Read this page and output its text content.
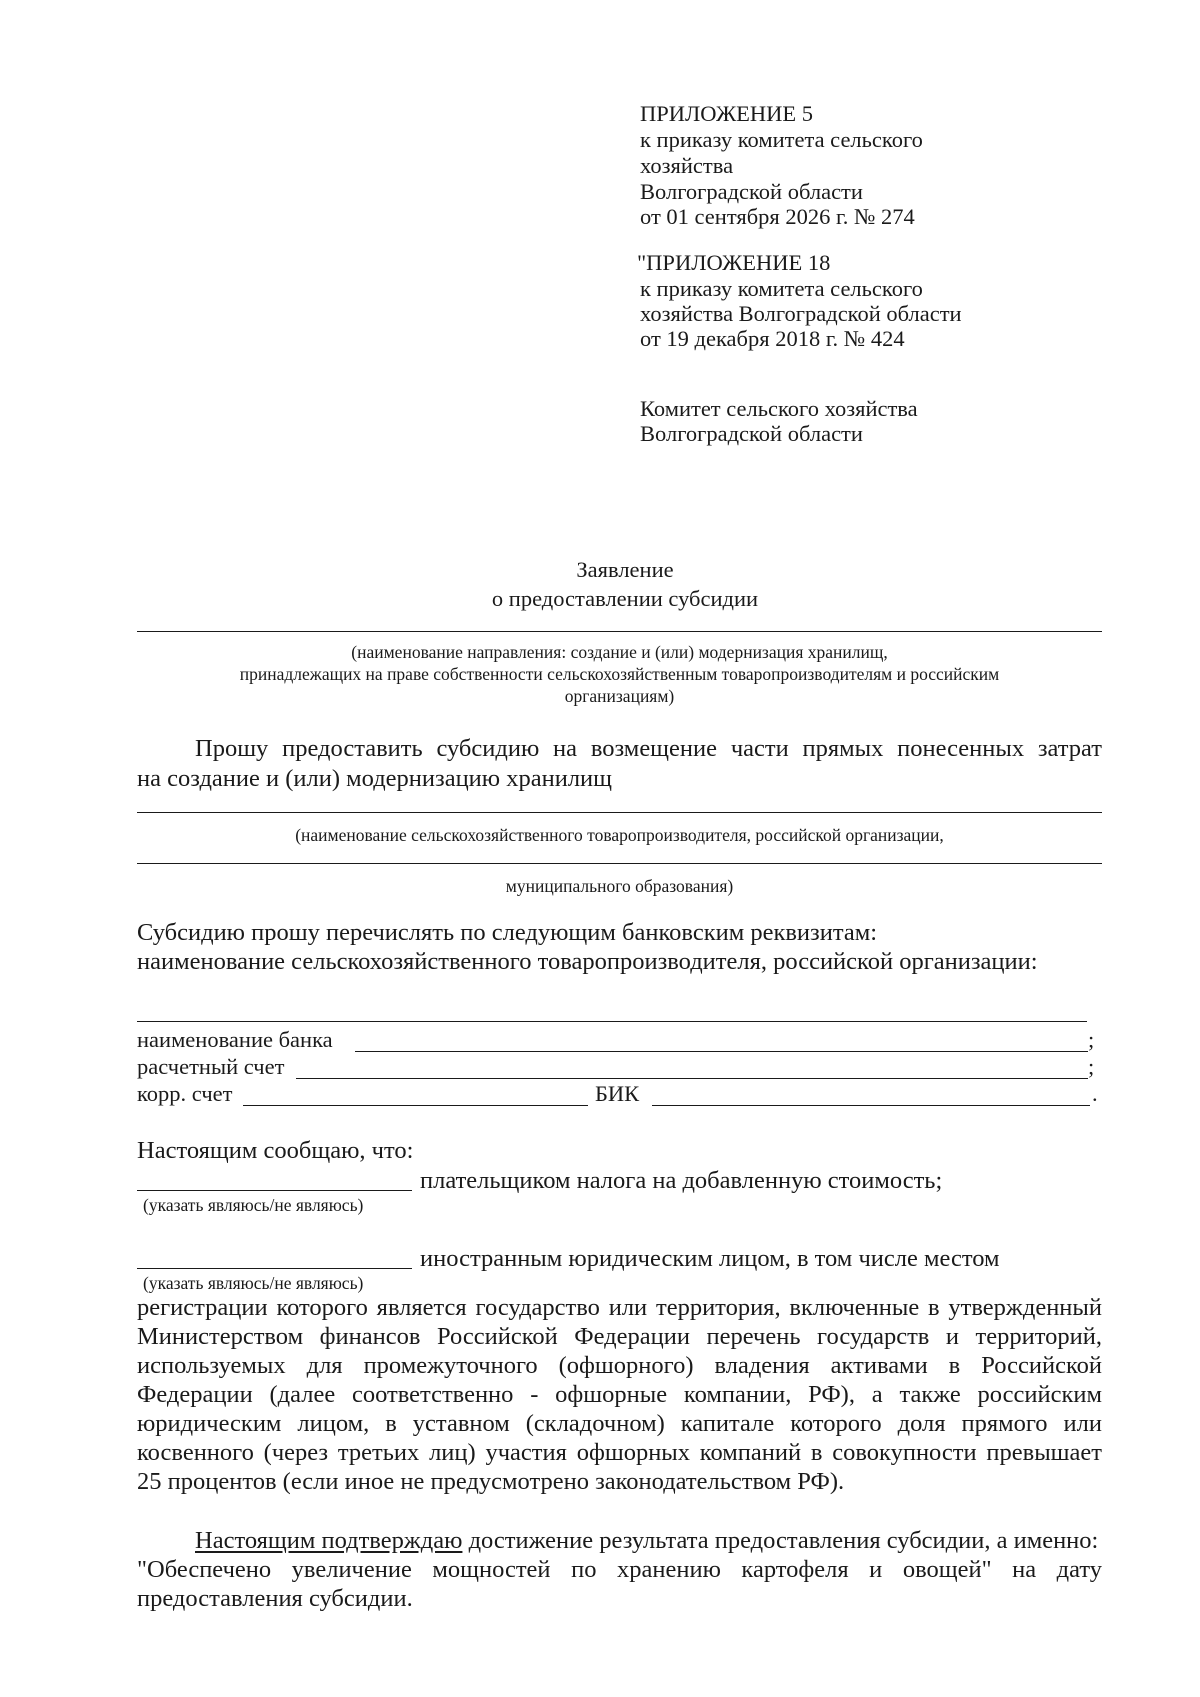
ПРИЛОЖЕНИЕ 5
к приказу комитета сельского
хозяйства
Волгоградской области
от 01 сентября 2026 г. № 274
"ПРИЛОЖЕНИЕ 18
к приказу комитета сельского
хозяйства Волгоградской области
от 19 декабря 2018 г. № 424
Комитет сельского хозяйства
Волгоградской области
Заявление
о предоставлении субсидии
(наименование направления: создание и (или) модернизация хранилищ,
принадлежащих на праве собственности сельскохозяйственным товаропроизводителям и российским
организациям)
Прошу предоставить субсидию на возмещение части прямых понесенных затрат
на создание и (или) модернизацию хранилищ
(наименование сельскохозяйственного товаропроизводителя, российской организации,
муниципального образования)
Субсидию прошу перечислять по следующим банковским реквизитам:
наименование сельскохозяйственного товаропроизводителя, российской организации:
наименование банка	;
расчетный счет	;
корр. счет	БИК	.
Настоящим сообщаю, что:
плательщиком налога на добавленную стоимость;
(указать являюсь/не являюсь)
иностранным юридическим лицом, в том числе местом
(указать являюсь/не являюсь)
регистрации которого является государство или территория, включенные в утвержденный
Министерством финансов Российской Федерации перечень государств и территорий,
используемых для промежуточного (офшорного) владения активами в Российской
Федерации (далее соответственно - офшорные компании, РФ), а также российским
юридическим лицом, в уставном (складочном) капитале которого доля прямого или
косвенного (через третьих лиц) участия офшорных компаний в совокупности превышает
25 процентов (если иное не предусмотрено законодательством РФ).
Настоящим подтверждаю достижение результата предоставления субсидии, а именно:
"Обеспечено увеличение мощностей по хранению картофеля и овощей" на дату
предоставления субсидии.
